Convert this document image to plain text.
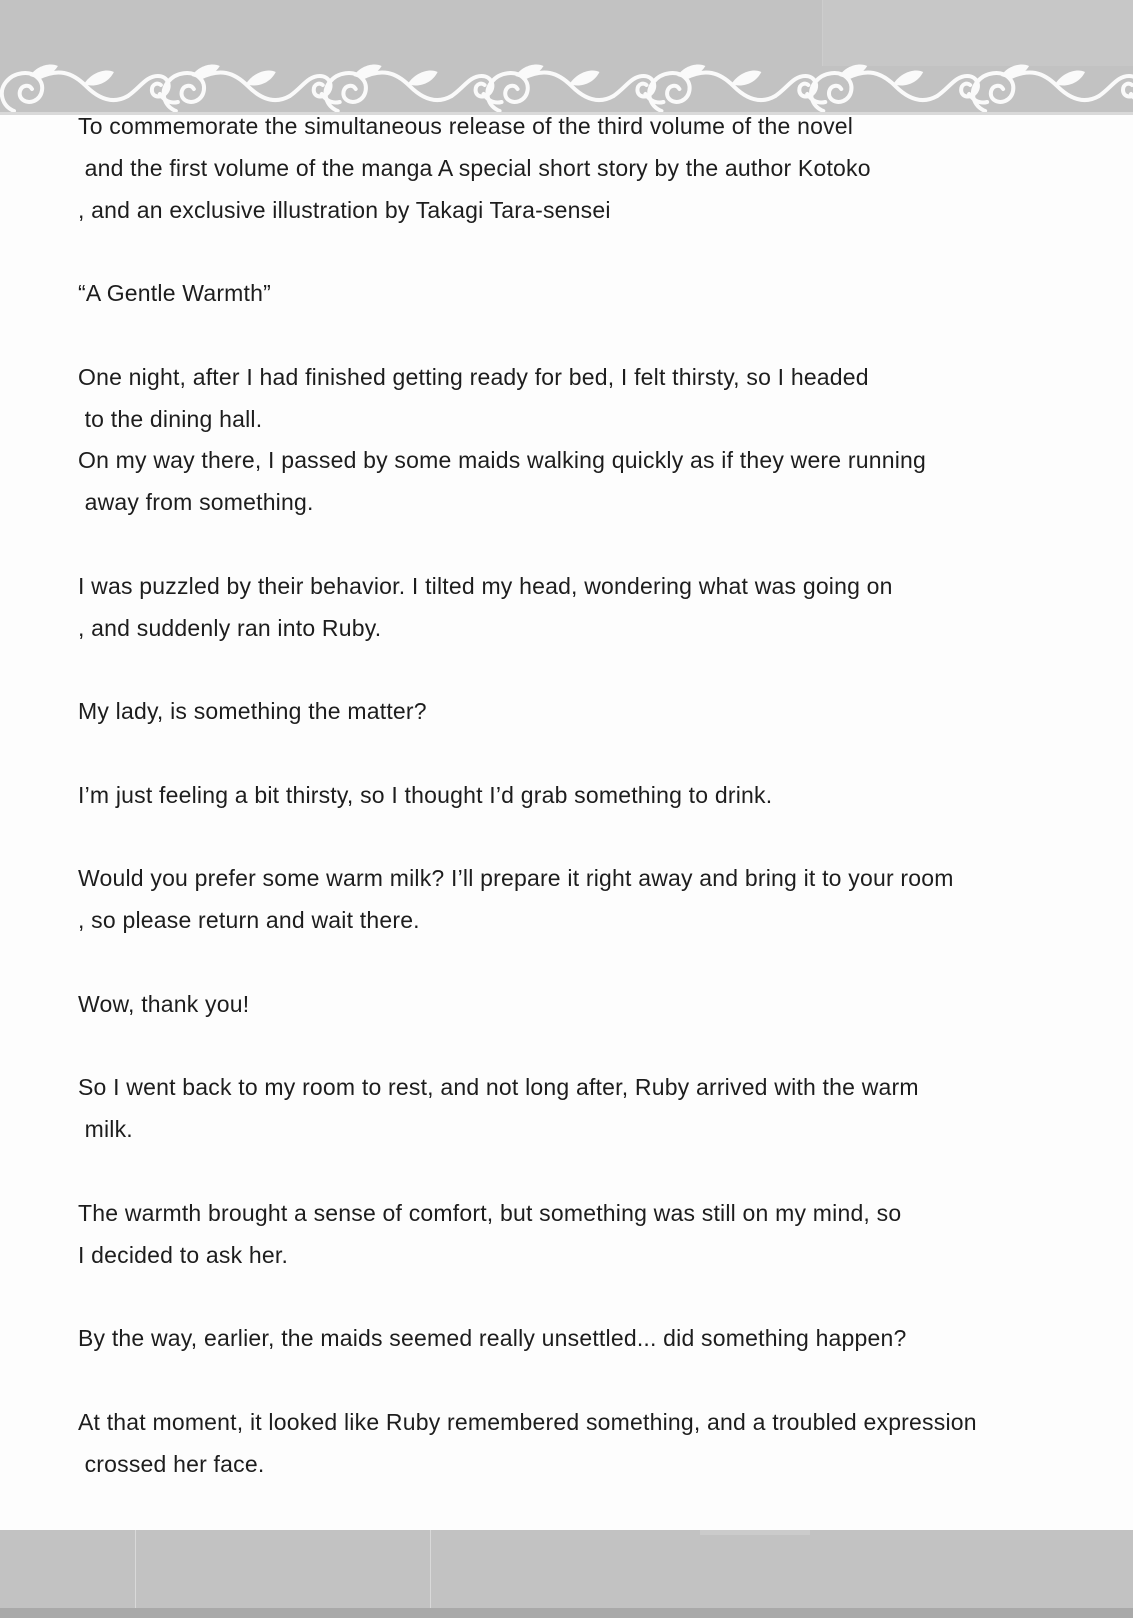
To commemorate the simultaneous release of the third volume of the novel
and the first volume of the manga A special short story by the author Kotoko
, and an exclusive illustration by Takagi Tara-sensei

“A Gentle Warmth”

One night, after I had finished getting ready for bed, I felt thirsty, so I headed
to the dining hall.
On my way there, I passed by some maids walking quickly as if they were running
away from something.

I was puzzled by their behavior. I tilted my head, wondering what was going on
, and suddenly ran into Ruby.

My lady, is something the matter?

I’m just feeling a bit thirsty, so I thought I’d grab something to drink.

Would you prefer some warm milk? I’ll prepare it right away and bring it to your room
, so please return and wait there.

Wow, thank you!

So I went back to my room to rest, and not long after, Ruby arrived with the warm
milk.

The warmth brought a sense of comfort, but something was still on my mind, so
I decided to ask her.

By the way, earlier, the maids seemed really unsettled... did something happen?

At that moment, it looked like Ruby remembered something, and a troubled expression
crossed her face.
